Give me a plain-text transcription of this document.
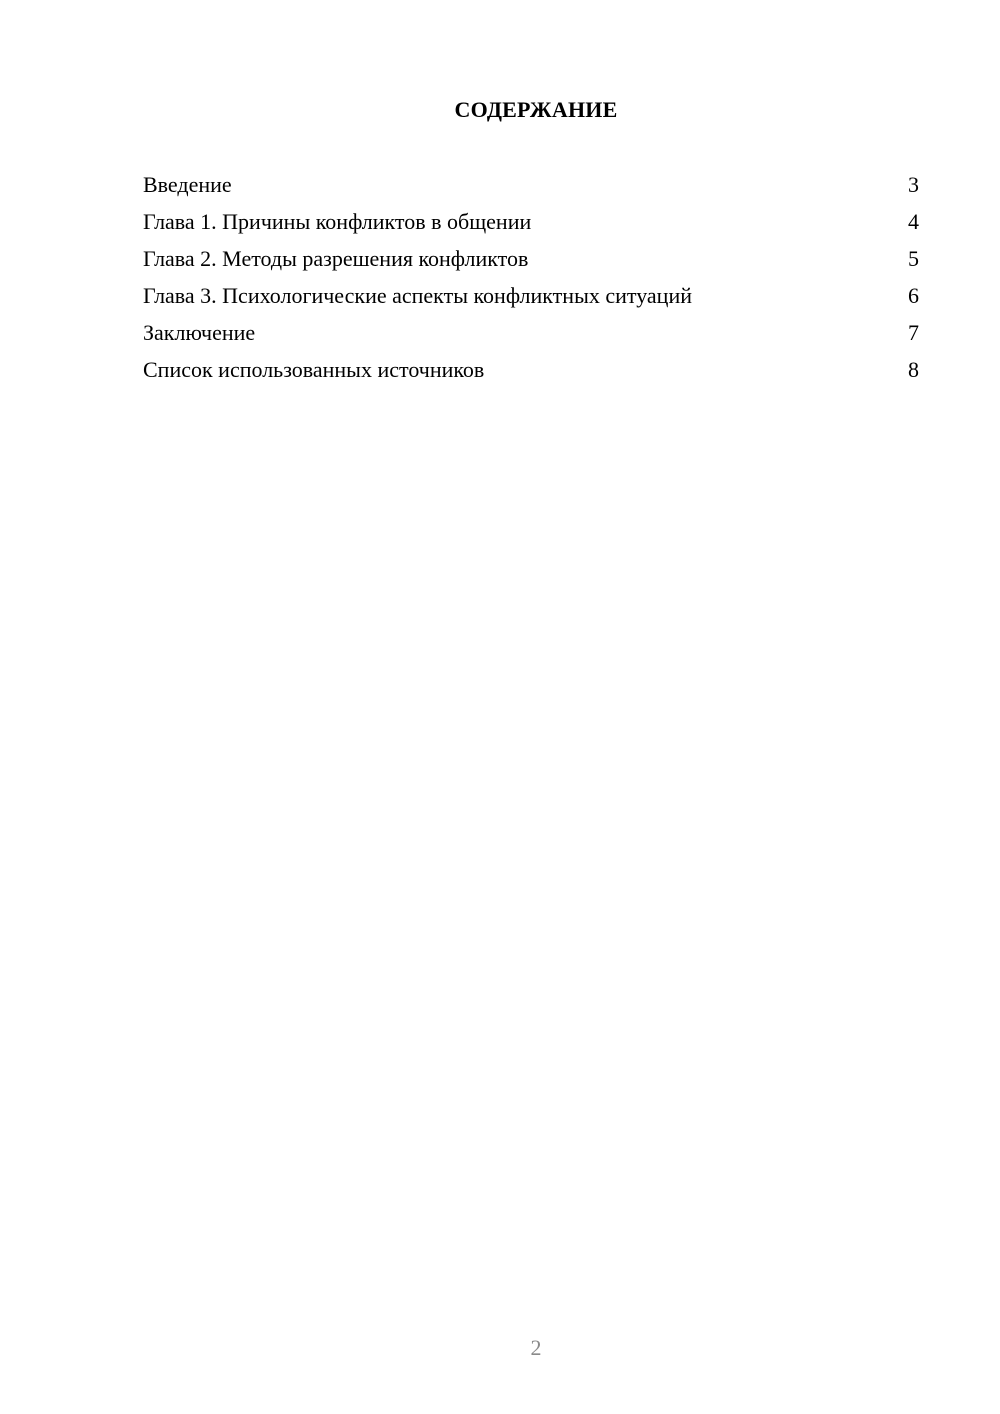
СОДЕРЖАНИЕ
Введение	3
Глава 1. Причины конфликтов в общении	4
Глава 2. Методы разрешения конфликтов	5
Глава 3. Психологические аспекты конфликтных ситуаций	6
Заключение	7
Список использованных источников	8
2
